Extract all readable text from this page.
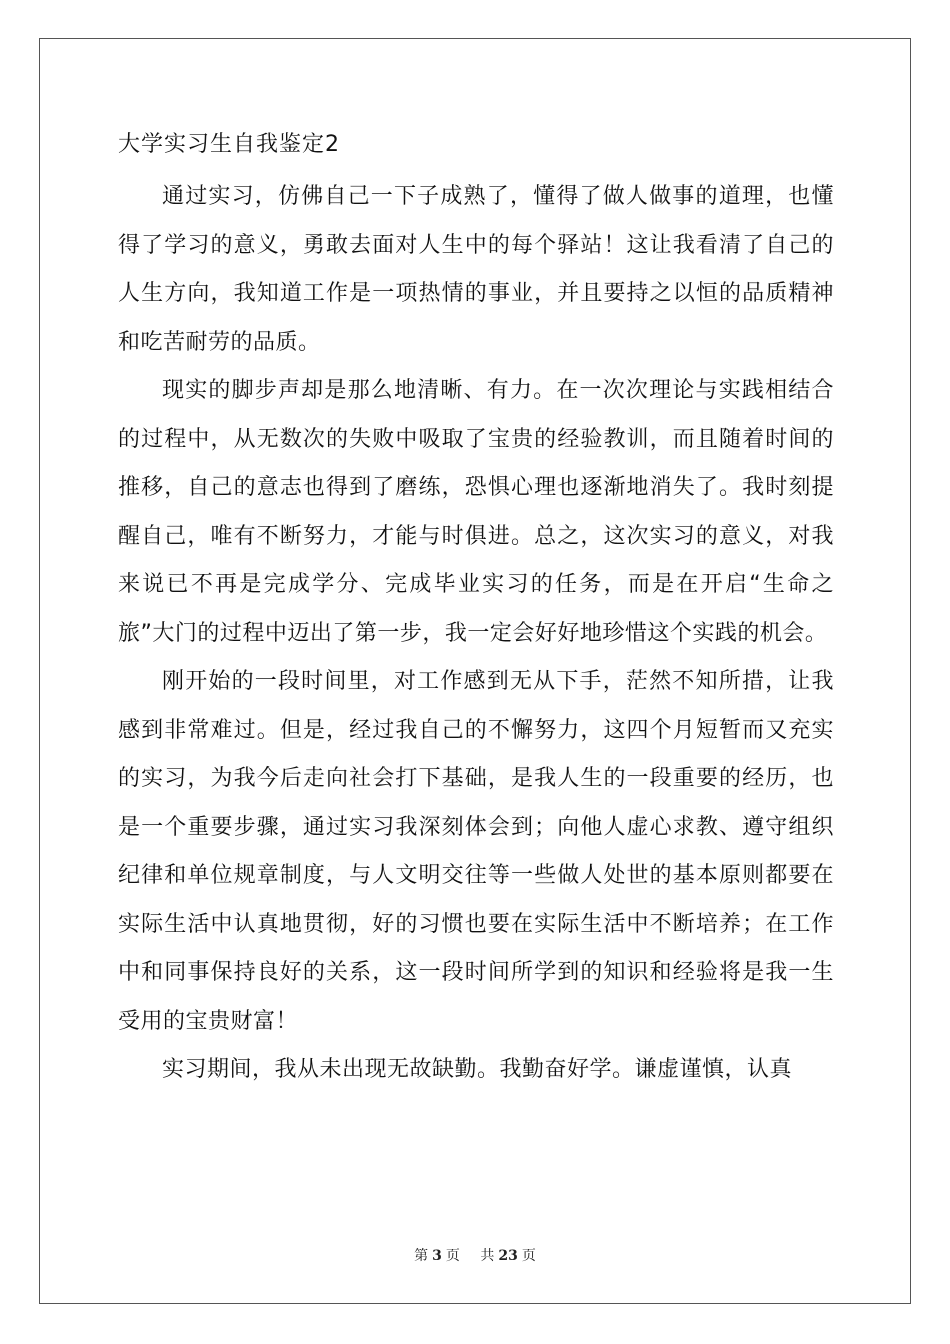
大学实习生自我鉴定2

通过实习，仿佛自己一下子成熟了，懂得了做人做事的道理，也懂得了学习的意义，勇敢去面对人生中的每个驿站！这让我看清了自己的人生方向，我知道工作是一项热情的事业，并且要持之以恒的品质精神和吃苦耐劳的品质。

现实的脚步声却是那么地清晰、有力。在一次次理论与实践相结合的过程中，从无数次的失败中吸取了宝贵的经验教训，而且随着时间的推移，自己的意志也得到了磨练，恐惧心理也逐渐地消失了。我时刻提醒自己，唯有不断努力，才能与时俱进。总之，这次实习的意义，对我来说已不再是完成学分、完成毕业实习的任务，而是在开启“生命之旅”大门的过程中迈出了第一步，我一定会好好地珍惜这个实践的机会。

刚开始的一段时间里，对工作感到无从下手，茫然不知所措，让我感到非常难过。但是，经过我自己的不懈努力，这四个月短暂而又充实的实习，为我今后走向社会打下基础，是我人生的一段重要的经历，也是一个重要步骤，通过实习我深刻体会到；向他人虚心求教、遵守组织纪律和单位规章制度，与人文明交往等一些做人处世的基本原则都要在实际生活中认真地贯彻，好的习惯也要在实际生活中不断培养；在工作中和同事保持良好的关系，这一段时间所学到的知识和经验将是我一生受用的宝贵财富！

实习期间，我从未出现无故缺勤。我勤奋好学。谦虚谨慎，认真

第 3 页 共 23 页
